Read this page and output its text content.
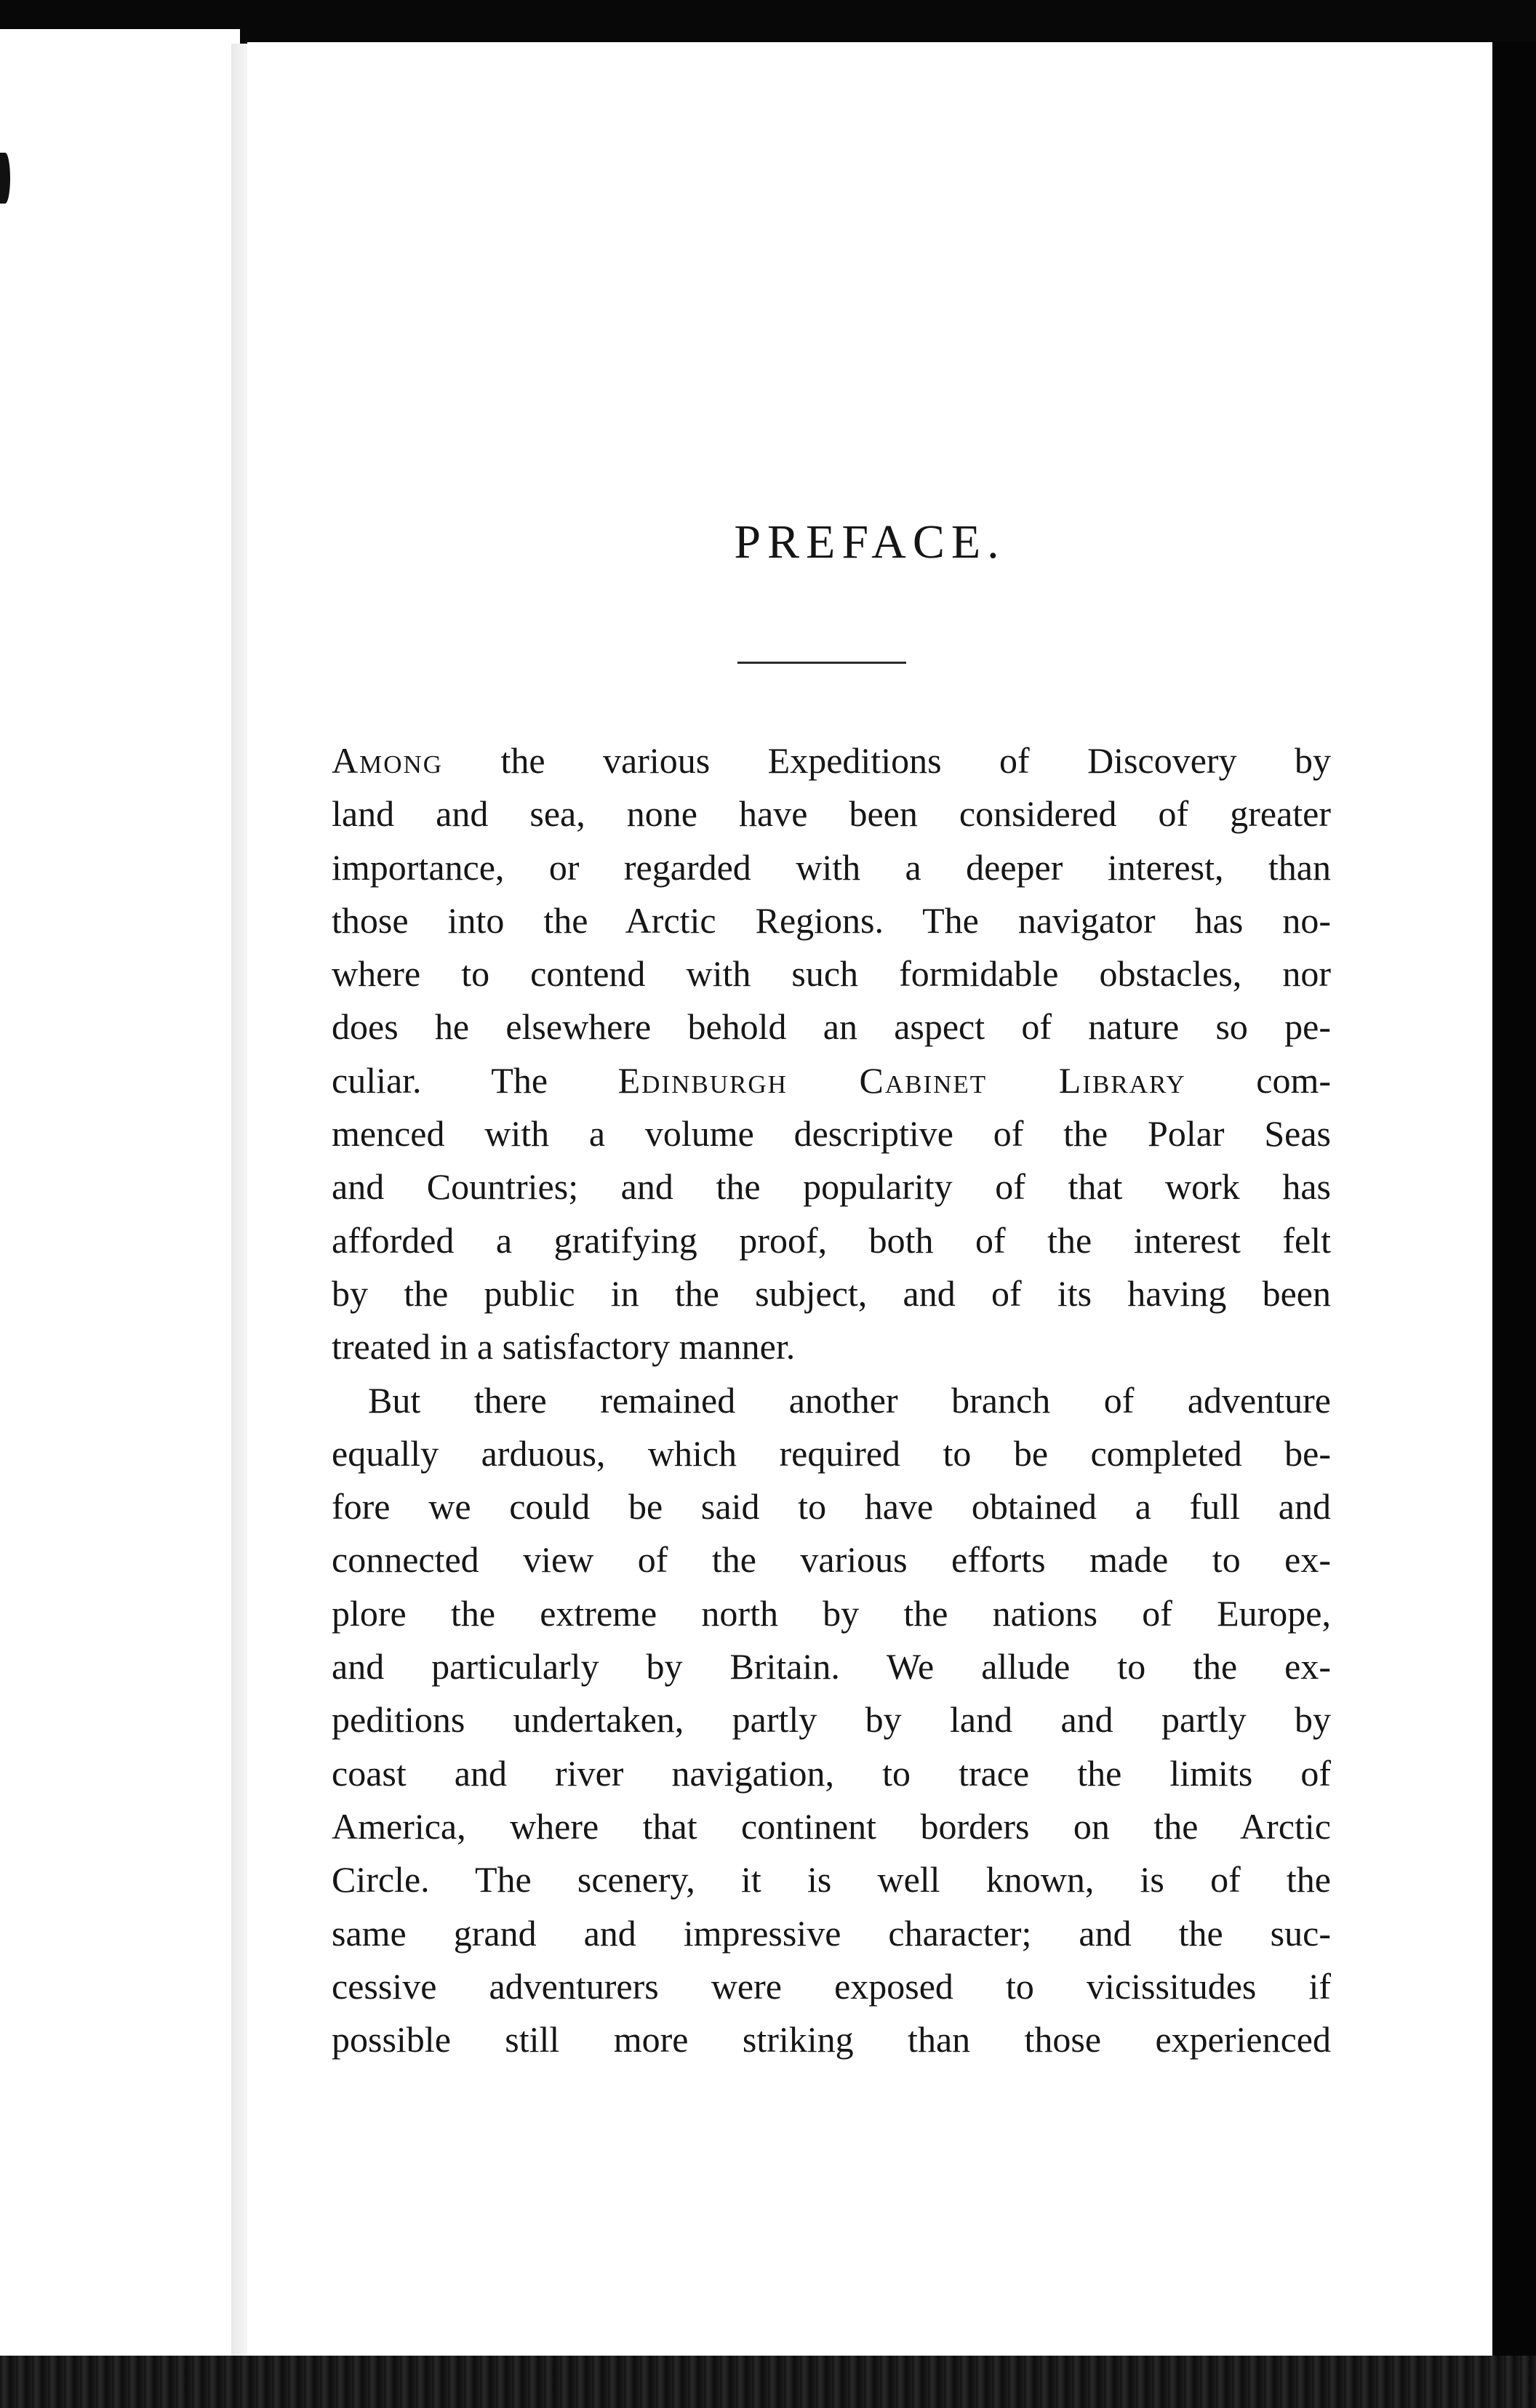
PREFACE.
Among the various Expeditions of Discovery by
land and sea, none have been considered of greater
importance, or regarded with a deeper interest, than
those into the Arctic Regions. The navigator has no-
where to contend with such formidable obstacles, nor
does he elsewhere behold an aspect of nature so pe-
culiar. The Edinburgh Cabinet Library com-
menced with a volume descriptive of the Polar Seas
and Countries; and the popularity of that work has
afforded a gratifying proof, both of the interest felt
by the public in the subject, and of its having been
treated in a satisfactory manner.
But there remained another branch of adventure
equally arduous, which required to be completed be-
fore we could be said to have obtained a full and
connected view of the various efforts made to ex-
plore the extreme north by the nations of Europe,
and particularly by Britain. We allude to the ex-
peditions undertaken, partly by land and partly by
coast and river navigation, to trace the limits of
America, where that continent borders on the Arctic
Circle. The scenery, it is well known, is of the
same grand and impressive character; and the suc-
cessive adventurers were exposed to vicissitudes if
possible still more striking than those experienced
